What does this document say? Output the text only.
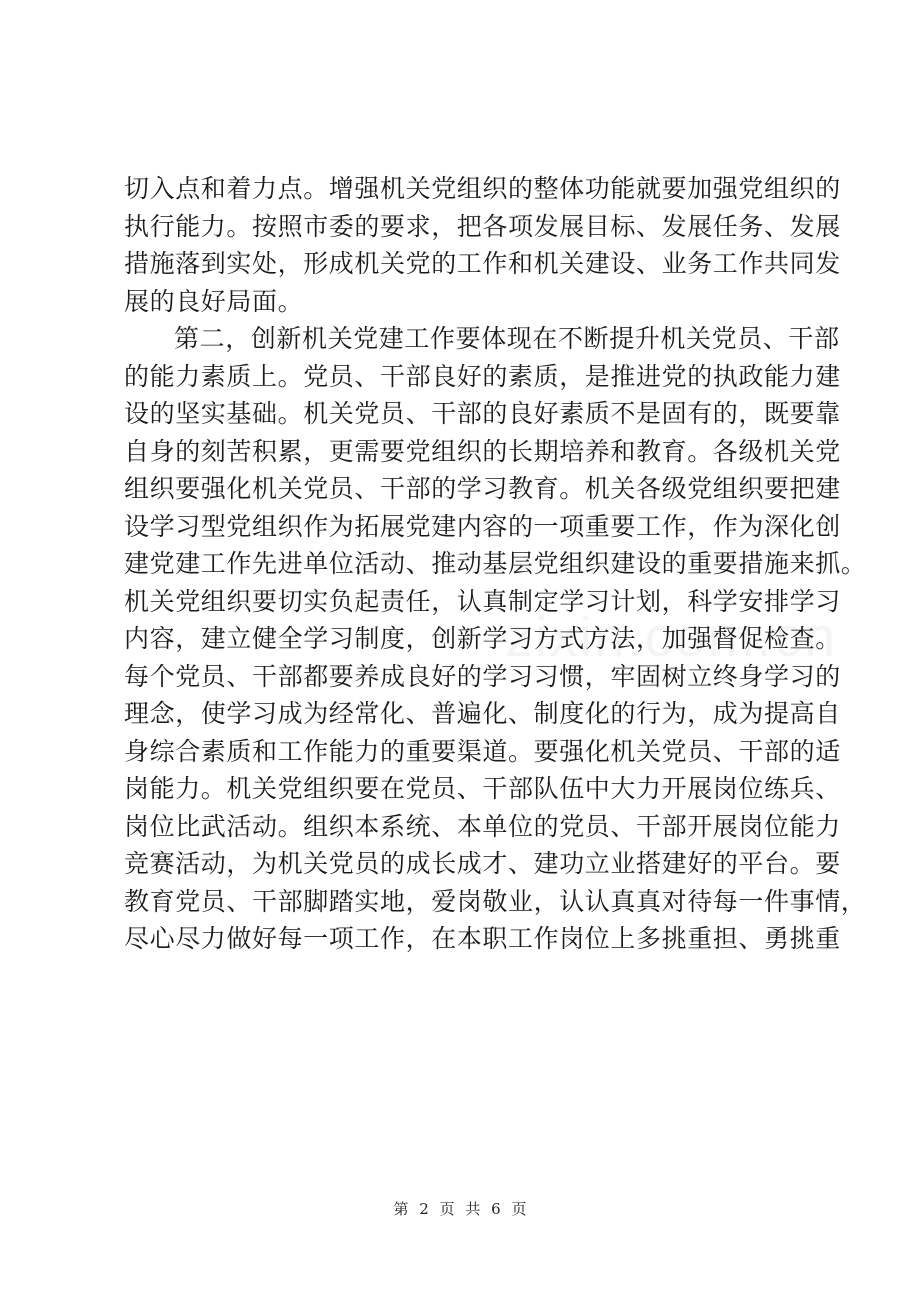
切入点和着力点。增强机关党组织的整体功能就要加强党组织的
执行能力。按照市委的要求，把各项发展目标、发展任务、发展
措施落到实处，形成机关党的工作和机关建设、业务工作共同发
展的良好局面。
第二，创新机关党建工作要体现在不断提升机关党员、干部
的能力素质上。党员、干部良好的素质，是推进党的执政能力建
设的坚实基础。机关党员、干部的良好素质不是固有的，既要靠
自身的刻苦积累，更需要党组织的长期培养和教育。各级机关党
组织要强化机关党员、干部的学习教育。机关各级党组织要把建
设学习型党组织作为拓展党建内容的一项重要工作，作为深化创
建党建工作先进单位活动、推动基层党组织建设的重要措施来抓。
机关党组织要切实负起责任，认真制定学习计划，科学安排学习
内容，建立健全学习制度，创新学习方式方法，加强督促检查。
每个党员、干部都要养成良好的学习习惯，牢固树立终身学习的
理念，使学习成为经常化、普遍化、制度化的行为，成为提高自
身综合素质和工作能力的重要渠道。要强化机关党员、干部的适
岗能力。机关党组织要在党员、干部队伍中大力开展岗位练兵、
岗位比武活动。组织本系统、本单位的党员、干部开展岗位能力
竞赛活动，为机关党员的成长成才、建功立业搭建好的平台。要
教育党员、干部脚踏实地，爱岗敬业，认认真真对待每一件事情，
尽心尽力做好每一项工作，在本职工作岗位上多挑重担、勇挑重
第 2 页 共 6 页
